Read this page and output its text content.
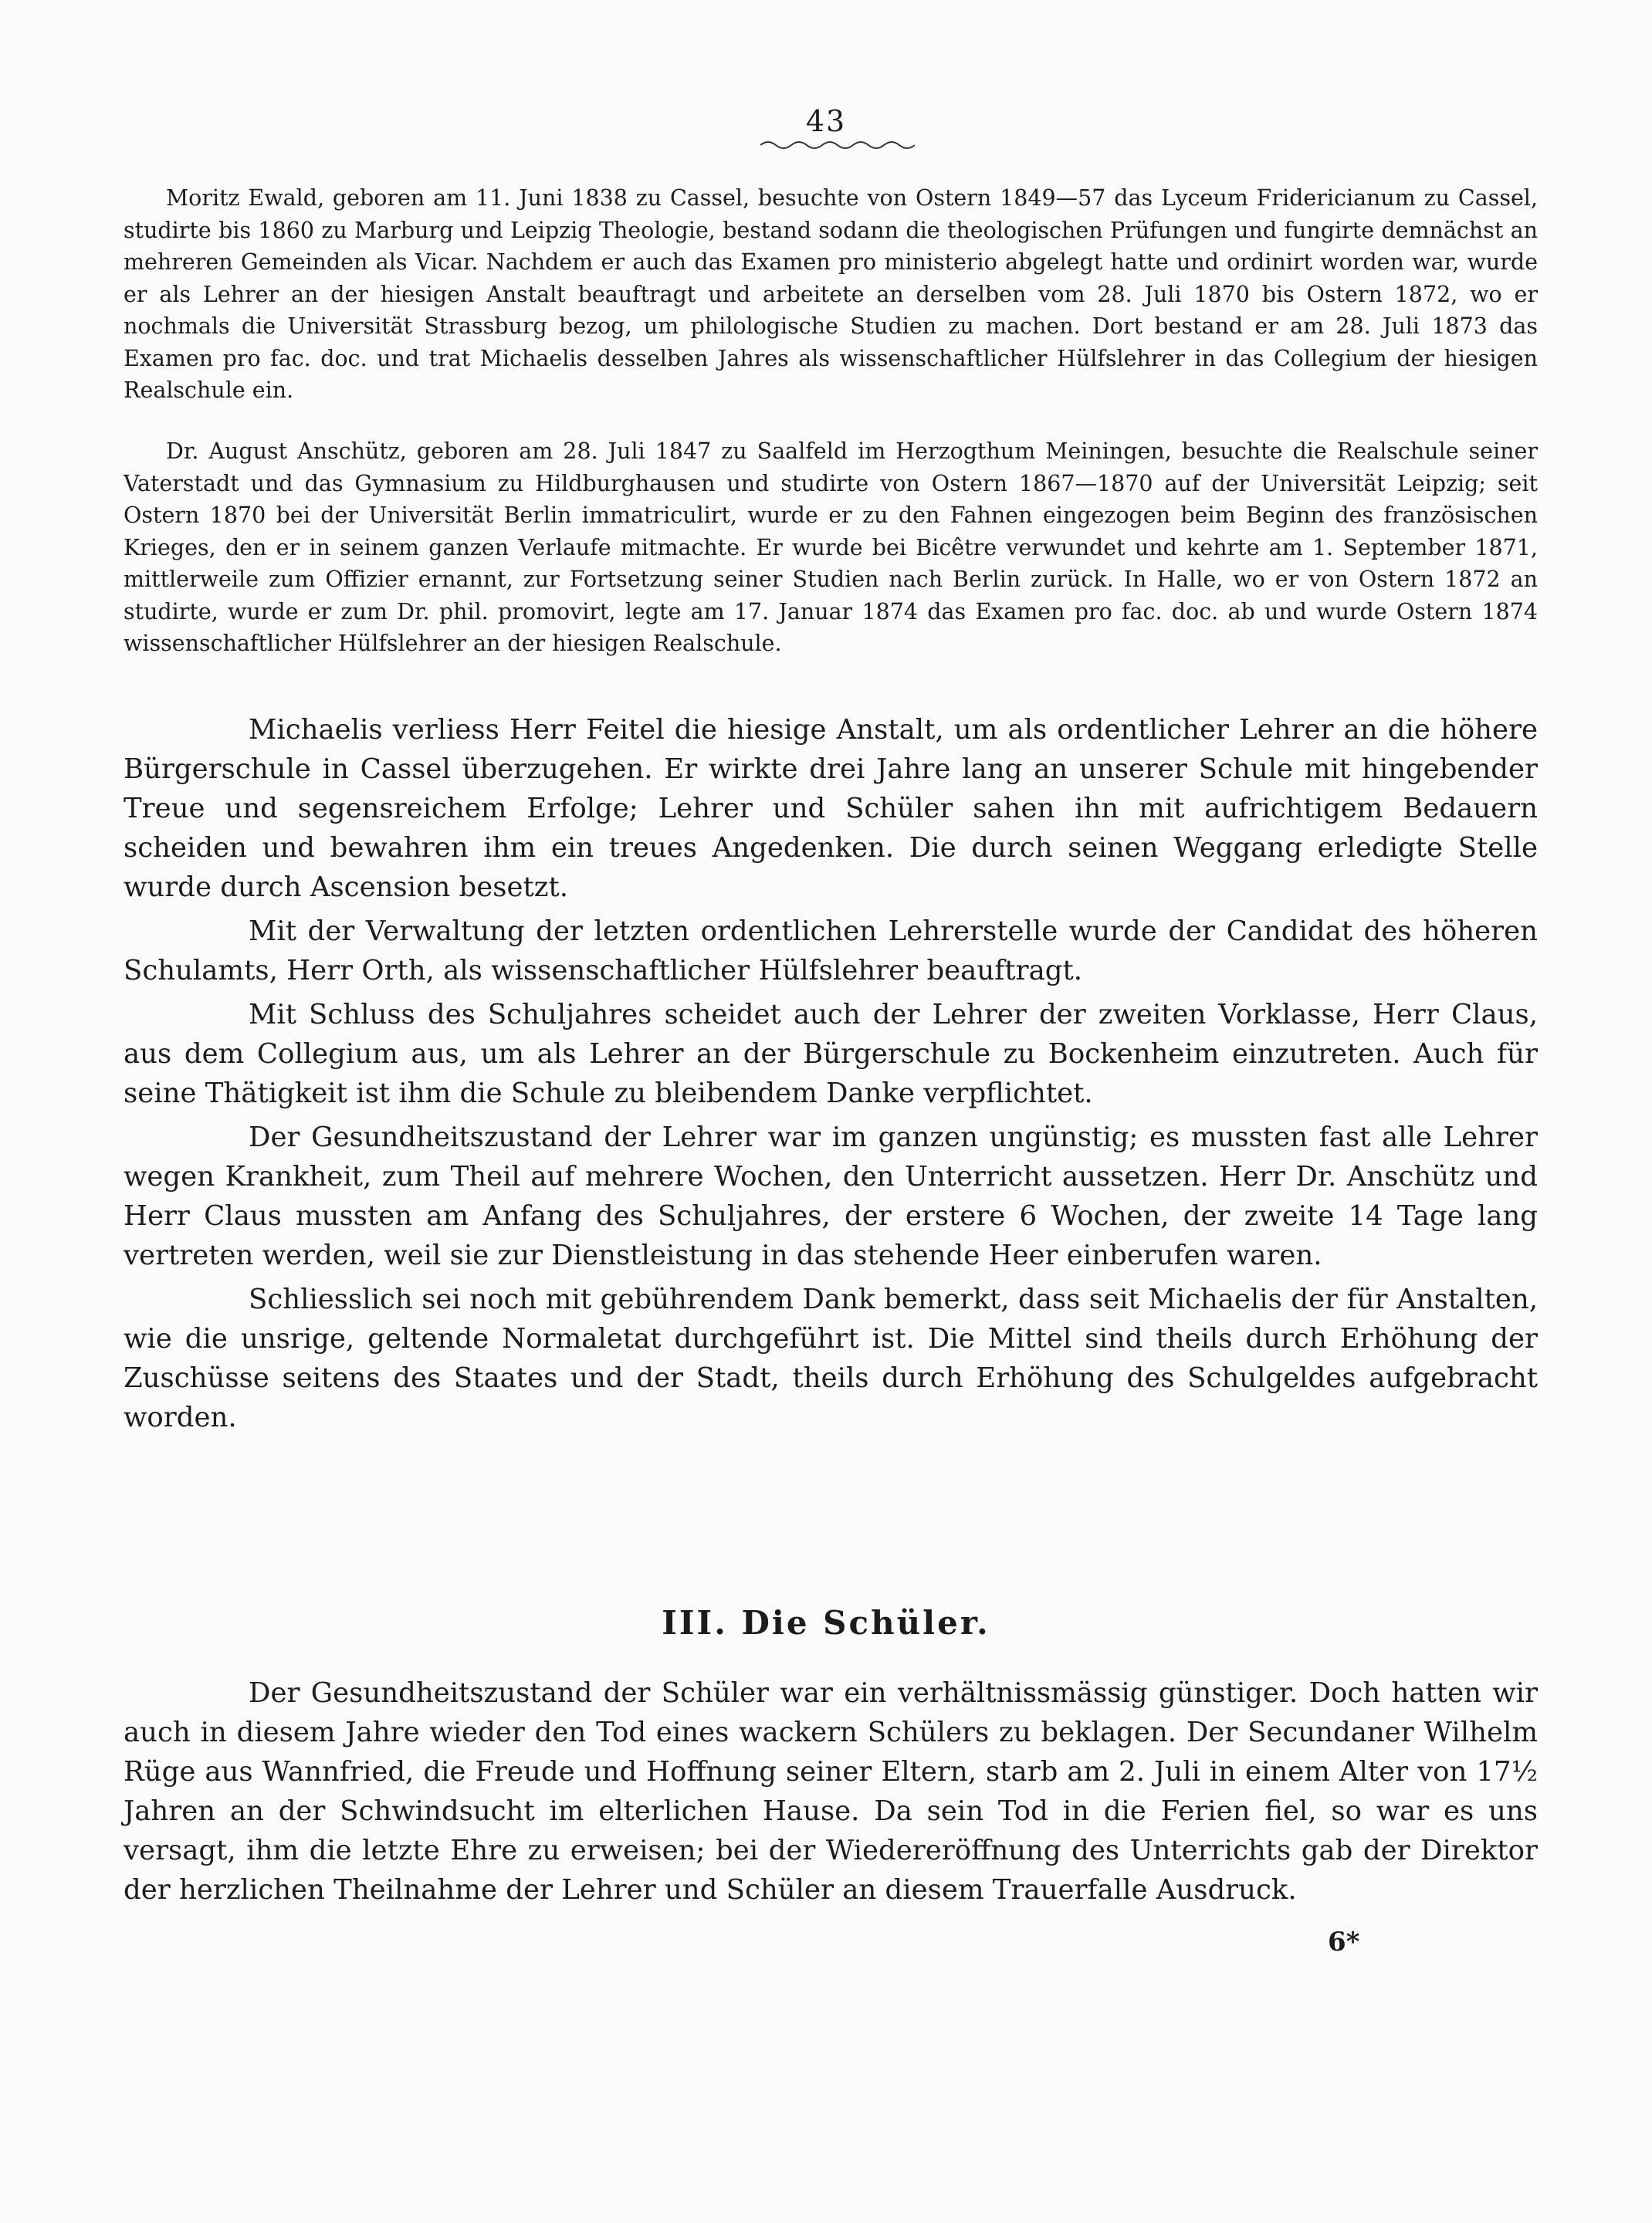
43

Moritz Ewald, geboren am 11. Juni 1838 zu Cassel, besuchte von Ostern 1849—57 das Lyceum Fridericianum zu Cassel, studirte bis 1860 zu Marburg und Leipzig Theologie, bestand sodann die theologischen Prüfungen und fungirte demnächst an mehreren Gemeinden als Vicar. Nachdem er auch das Examen pro ministerio abgelegt hatte und ordinirt worden war, wurde er als Lehrer an der hiesigen Anstalt beauftragt und arbeitete an derselben vom 28. Juli 1870 bis Ostern 1872, wo er nochmals die Universität Strassburg bezog, um philologische Studien zu machen. Dort bestand er am 28. Juli 1873 das Examen pro fac. doc. und trat Michaelis desselben Jahres als wissenschaftlicher Hülfslehrer in das Collegium der hiesigen Realschule ein.

Dr. August Anschütz, geboren am 28. Juli 1847 zu Saalfeld im Herzogthum Meiningen, besuchte die Realschule seiner Vaterstadt und das Gymnasium zu Hildburghausen und studirte von Ostern 1867—1870 auf der Universität Leipzig; seit Ostern 1870 bei der Universität Berlin immatriculirt, wurde er zu den Fahnen eingezogen beim Beginn des französischen Krieges, den er in seinem ganzen Verlaufe mitmachte. Er wurde bei Bicêtre verwundet und kehrte am 1. September 1871, mittlerweile zum Offizier ernannt, zur Fortsetzung seiner Studien nach Berlin zurück. In Halle, wo er von Ostern 1872 an studirte, wurde er zum Dr. phil. promovirt, legte am 17. Januar 1874 das Examen pro fac. doc. ab und wurde Ostern 1874 wissenschaftlicher Hülfslehrer an der hiesigen Realschule.

Michaelis verliess Herr Feitel die hiesige Anstalt, um als ordentlicher Lehrer an die höhere Bürgerschule in Cassel überzugehen. Er wirkte drei Jahre lang an unserer Schule mit hingebender Treue und segensreichem Erfolge; Lehrer und Schüler sahen ihn mit aufrichtigem Bedauern scheiden und bewahren ihm ein treues Angedenken. Die durch seinen Weggang erledigte Stelle wurde durch Ascension besetzt.

Mit der Verwaltung der letzten ordentlichen Lehrerstelle wurde der Candidat des höheren Schulamts, Herr Orth, als wissenschaftlicher Hülfslehrer beauftragt.

Mit Schluss des Schuljahres scheidet auch der Lehrer der zweiten Vorklasse, Herr Claus, aus dem Collegium aus, um als Lehrer an der Bürgerschule zu Bockenheim einzutreten. Auch für seine Thätigkeit ist ihm die Schule zu bleibendem Danke verpflichtet.

Der Gesundheitszustand der Lehrer war im ganzen ungünstig; es mussten fast alle Lehrer wegen Krankheit, zum Theil auf mehrere Wochen, den Unterricht aussetzen. Herr Dr. Anschütz und Herr Claus mussten am Anfang des Schuljahres, der erstere 6 Wochen, der zweite 14 Tage lang vertreten werden, weil sie zur Dienstleistung in das stehende Heer einberufen waren.

Schliesslich sei noch mit gebührendem Dank bemerkt, dass seit Michaelis der für Anstalten, wie die unsrige, geltende Normaletat durchgeführt ist. Die Mittel sind theils durch Erhöhung der Zuschüsse seitens des Staates und der Stadt, theils durch Erhöhung des Schulgeldes aufgebracht worden.

III. Die Schüler.

Der Gesundheitszustand der Schüler war ein verhältnissmässig günstiger. Doch hatten wir auch in diesem Jahre wieder den Tod eines wackern Schülers zu beklagen. Der Secundaner Wilhelm Rüge aus Wannfried, die Freude und Hoffnung seiner Eltern, starb am 2. Juli in einem Alter von 17½ Jahren an der Schwindsucht im elterlichen Hause. Da sein Tod in die Ferien fiel, so war es uns versagt, ihm die letzte Ehre zu erweisen; bei der Wiedereröffnung des Unterrichts gab der Direktor der herzlichen Theilnahme der Lehrer und Schüler an diesem Trauerfalle Ausdruck.

6*
